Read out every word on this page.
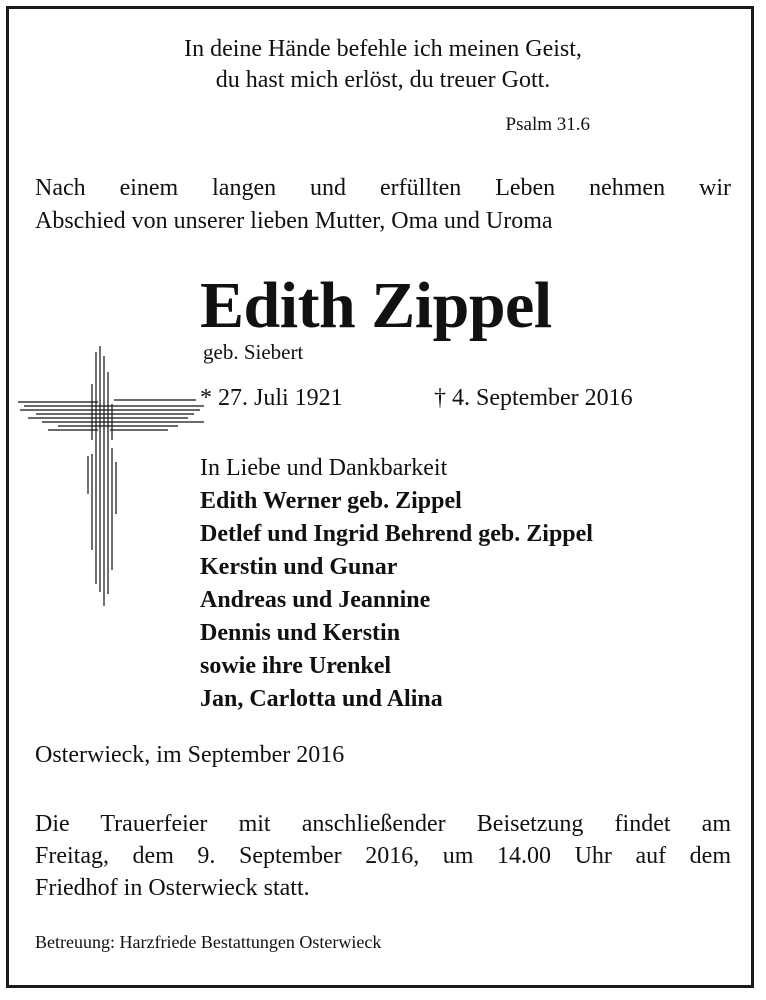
In deine Hände befehle ich meinen Geist,
du hast mich erlöst, du treuer Gott.
Psalm 31.6
Nach einem langen und erfüllten Leben nehmen wir
Abschied von unserer lieben Mutter, Oma und Uroma
Edith Zippel
geb. Siebert
* 27. Juli 1921	† 4. September 2016
In Liebe und Dankbarkeit
Edith Werner geb. Zippel
Detlef und Ingrid Behrend geb. Zippel
Kerstin und Gunar
Andreas und Jeannine
Dennis und Kerstin
sowie ihre Urenkel
Jan, Carlotta und Alina
Osterwieck, im September 2016
Die Trauerfeier mit anschließender Beisetzung findet am
Freitag, dem 9. September 2016, um 14.00 Uhr auf dem
Friedhof in Osterwieck statt.
Betreuung: Harzfriede Bestattungen Osterwieck
